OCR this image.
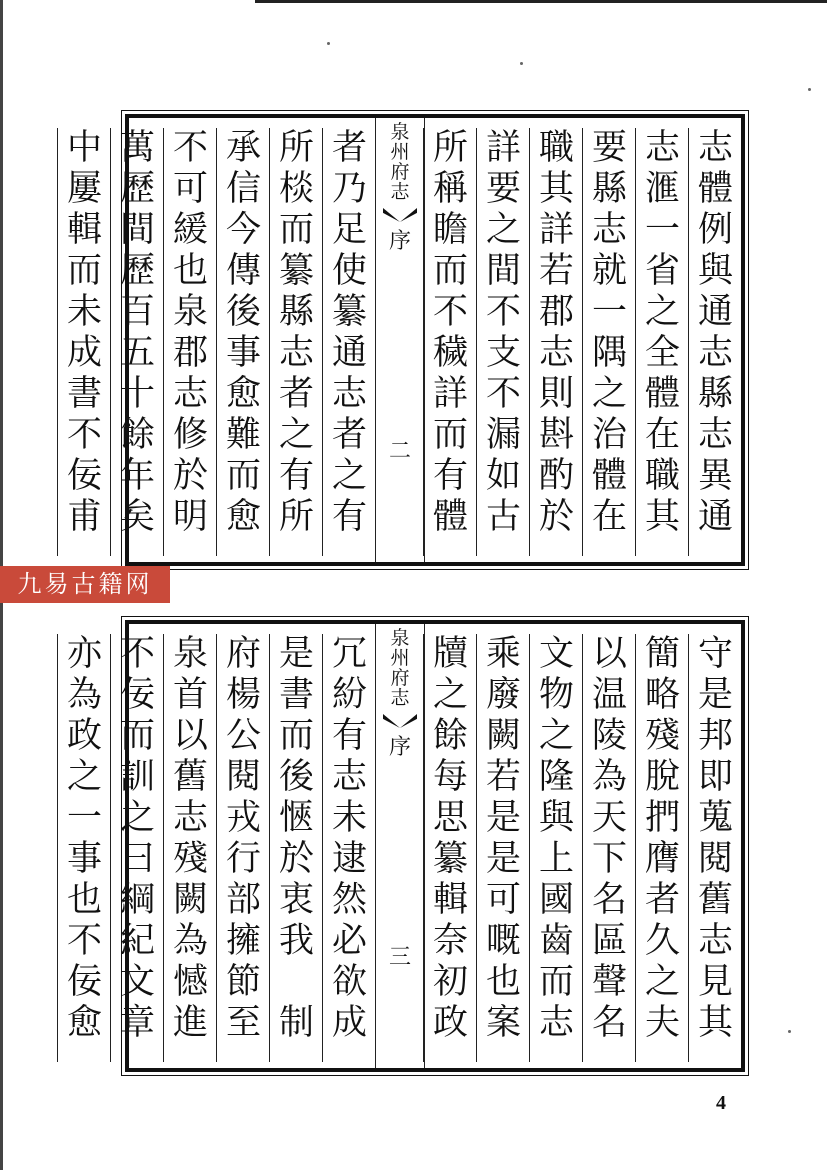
志
體
例
與
通
志
縣
志
異
通
志
滙
一
省
之
全
體
在
職
其
要
縣
志
就
一
隅
之
治
體
在
職
其
詳
若
郡
志
則
斟
酌
於
詳
要
之
間
不
支
不
漏
如
古
所
稱
瞻
而
不
穢
詳
而
有
體
者
乃
足
使
纂
通
志
者
之
有
所
棪
而
纂
縣
志
者
之
有
所
承
信
今
傳
後
事
愈
難
而
愈
不
可
緩
也
泉
郡
志
修
於
明
萬
歷
間
歷
百
五
十
餘
年
矣
中
屢
輯
而
未
成
書
不
佞
甫
泉
州
府
志
序
二
守
是
邦
即
蒐
閱
舊
志
見
其
簡
略
殘
脫
捫
膺
者
久
之
夫
以
温
陵
為
天
下
名
區
聲
名
文
物
之
隆
與
上
國
齒
而
志
乘
廢
闕
若
是
是
可
嘅
也
案
牘
之
餘
每
思
纂
輯
奈
初
政
冗
紛
有
志
未
逮
然
必
欲
成
是
書
而
後
愜
於
衷
我
制
府
楊
公
閱
戎
行
部
擁
節
至
泉
首
以
舊
志
殘
闕
為
憾
進
不
佞
而
訓
之
曰
綱
紀
文
章
亦
為
政
之
一
事
也
不
佞
愈
泉
州
府
志
序
三
九易古籍网
4
